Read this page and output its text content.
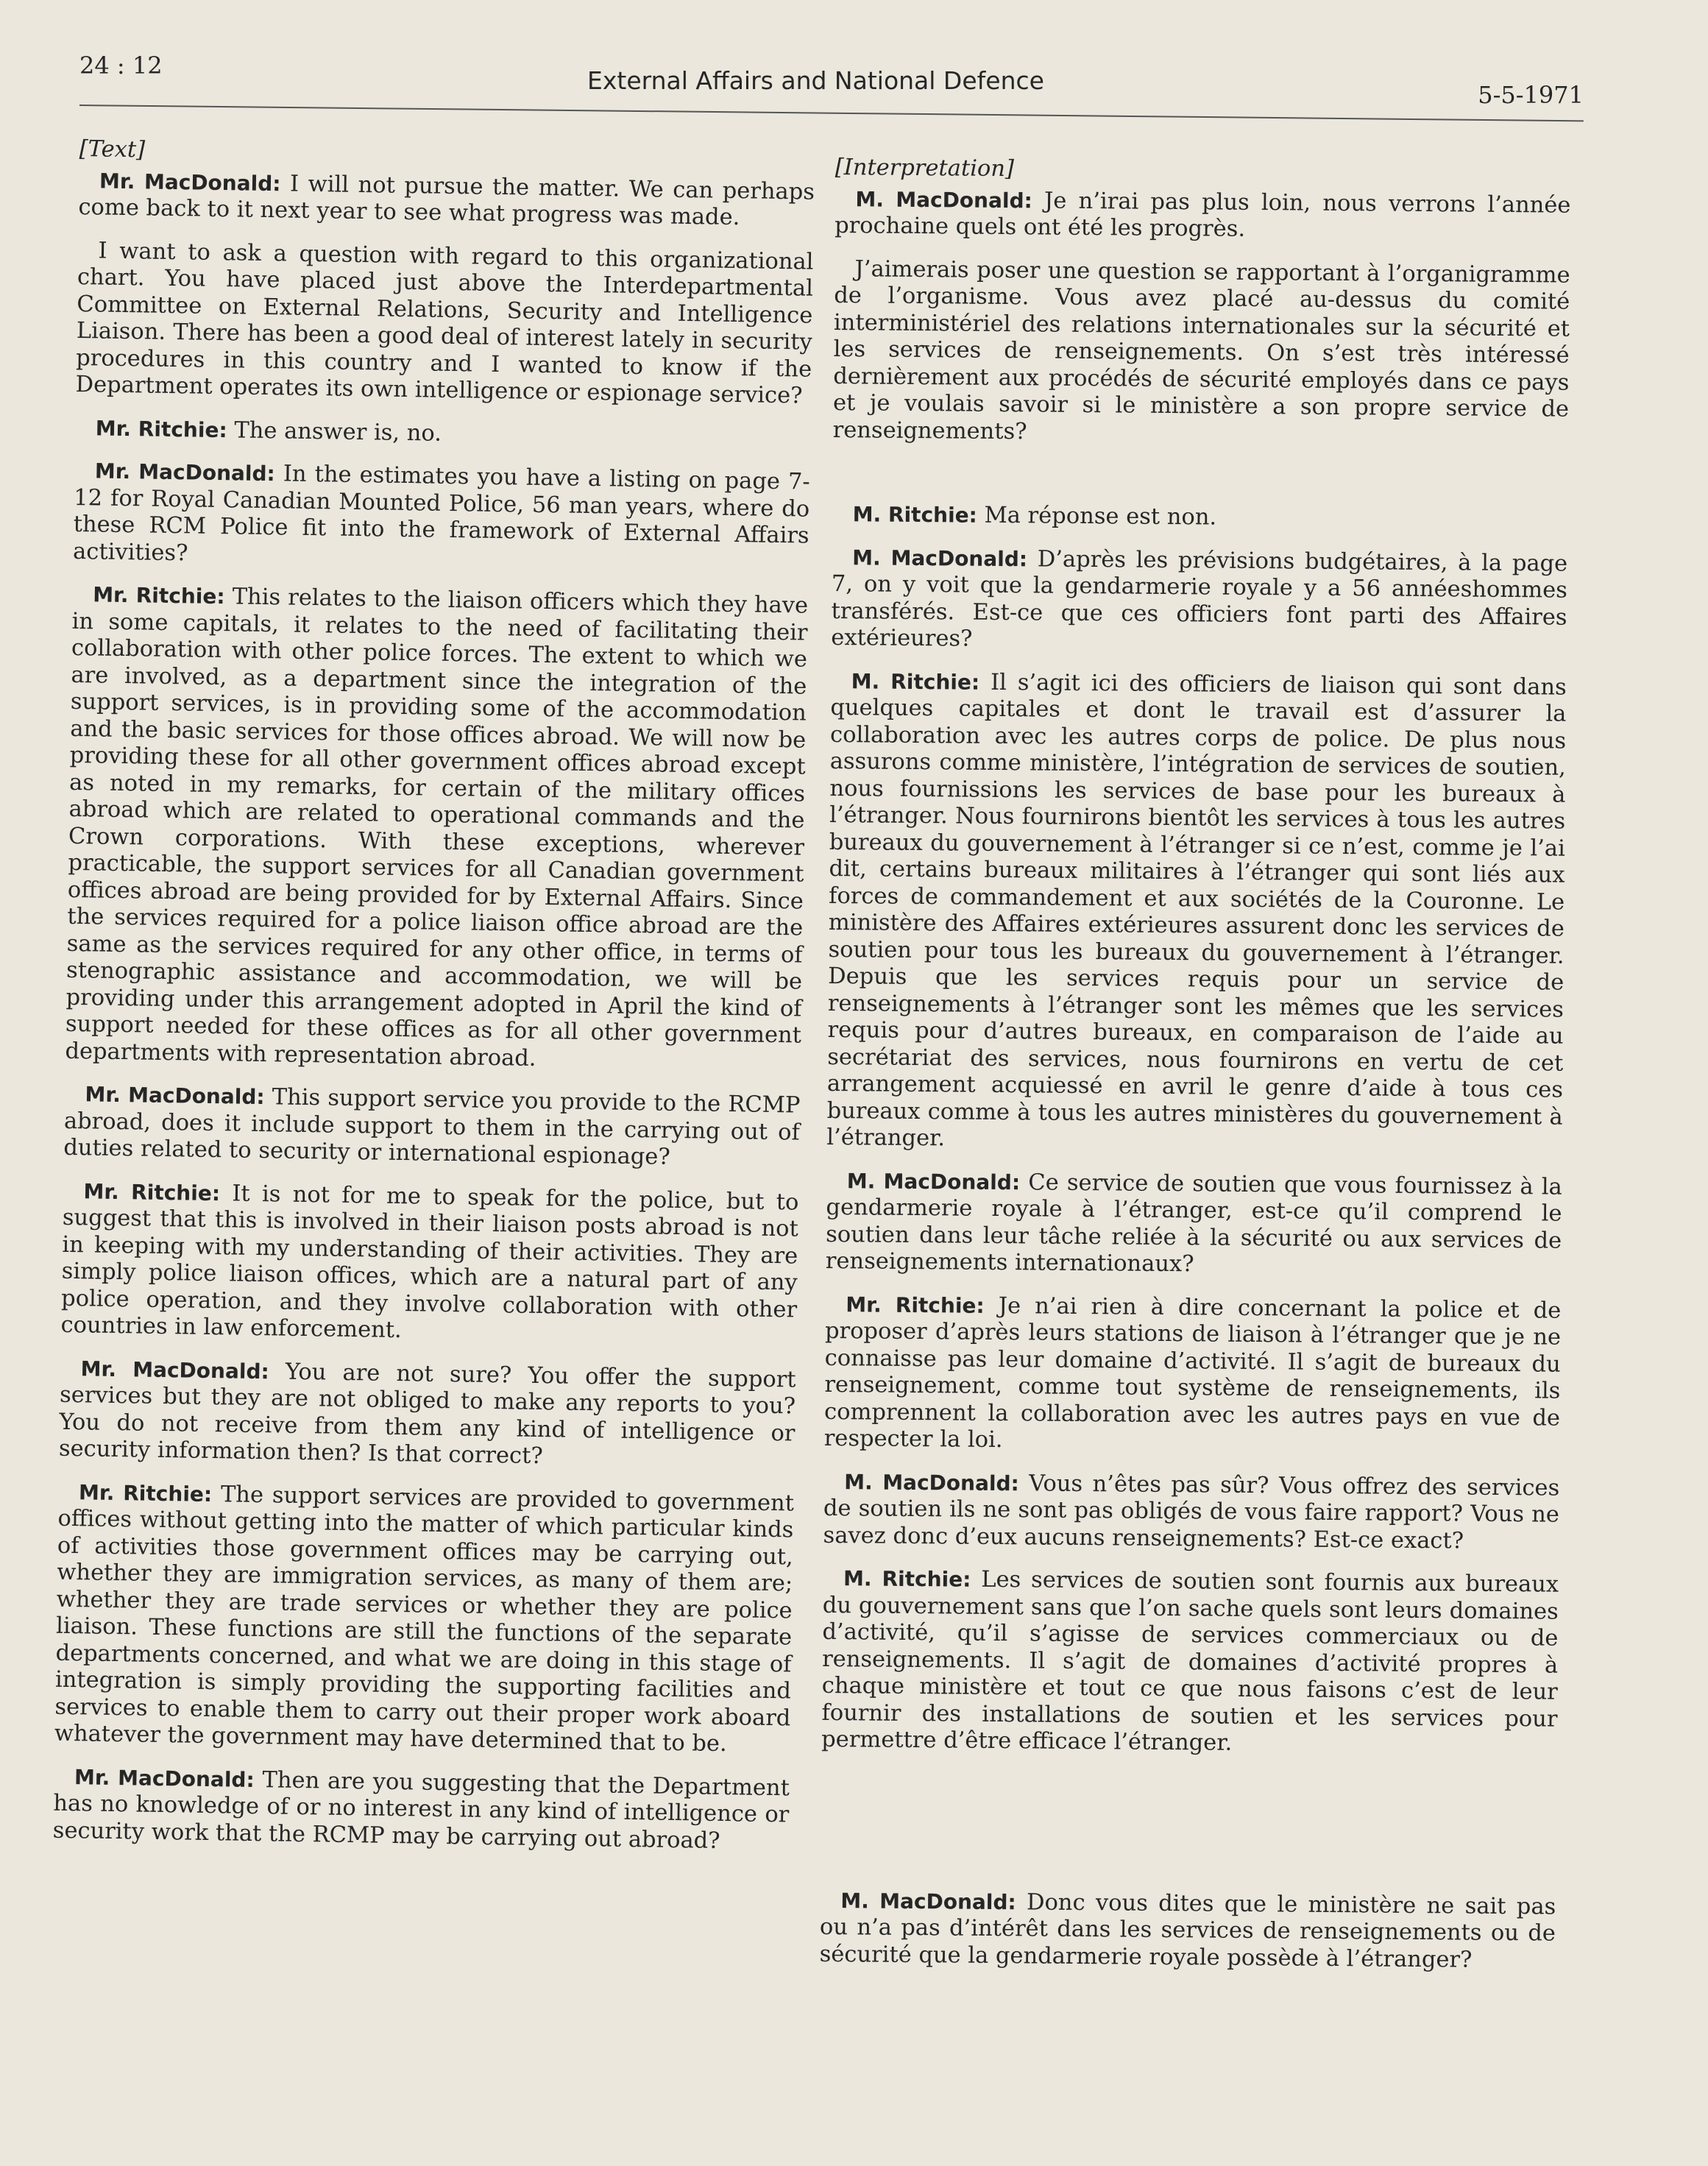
24 : 12
External Affairs and National Defence	5-5-1971
[Text]

Mr. MacDonald: I will not pursue the matter. We can perhaps come back to it next year to see what progress was made.

I want to ask a question with regard to this organizational chart. You have placed just above the Interdepartmental Committee on External Relations, Security and Intelligence Liaison. There has been a good deal of interest lately in security procedures in this country and I wanted to know if the Department operates its own intelligence or espionage service?

Mr. Ritchie: The answer is, no.

Mr. MacDonald: In the estimates you have a listing on page 7-12 for Royal Canadian Mounted Police, 56 man years, where do these RCM Police fit into the framework of External Affairs activities?

Mr. Ritchie: This relates to the liaison officers which they have in some capitals, it relates to the need of facilitating their collaboration with other police forces. The extent to which we are involved, as a department since the integration of the support services, is in providing some of the accommodation and the basic services for those offices abroad. We will now be providing these for all other government offices abroad except as noted in my remarks, for certain of the military offices abroad which are related to operational commands and the Crown corporations. With these exceptions, wherever practicable, the support services for all Canadian government offices abroad are being provided for by External Affairs. Since the services required for a police liaison office abroad are the same as the services required for any other office, in terms of stenographic assistance and accommodation, we will be providing under this arrangement adopted in April the kind of support needed for these offices as for all other government departments with representation abroad.

Mr. MacDonald: This support service you provide to the RCMP abroad, does it include support to them in the carrying out of duties related to security or international espionage?

Mr. Ritchie: It is not for me to speak for the police, but to suggest that this is involved in their liaison posts abroad is not in keeping with my understanding of their activities. They are simply police liaison offices, which are a natural part of any police operation, and they involve collaboration with other countries in law enforcement.

Mr. MacDonald: You are not sure? You offer the support services but they are not obliged to make any reports to you?You do not receive from them any kind of intelligence or security information then? Is that correct?

Mr. Ritchie: The support services are provided to government offices without getting into the matter of which particular kinds of activities those government offices may be carrying out, whether they are immigration services, as many of them are; whether they are trade services or whether they are police liaison. These functions are still the functions of the separate departments concerned, and what we are doing in this stage of integration is simply providing the supporting facilities and services to enable them to carry out their proper work aboard whatever the government may have determined that to be.

Mr. MacDonald: Then are you suggesting that the Department has no knowledge of or no interest in any kind of intelligence or security work that the RCMP may be carrying out abroad?

[Interpretation]

M. MacDonald: Je n’irai pas plus loin, nous verrons l’année prochaine quels ont été les progrès.

J’aimerais poser une question se rapportant à l’organigramme de l’organisme. Vous avez placé au-dessus du comité interministériel des relations internationales sur la sécurité et les services de renseignements. On s’est très intéressé dernièrement aux procédés de sécurité employés dans ce pays et je voulais savoir si le ministère a son propre service de renseignements?

M. Ritchie: Ma réponse est non.

M. MacDonald: D’après les prévisions budgétaires, à la page 7, on y voit que la gendarmerie royale y a 56 annéeshommes transférés. Est-ce que ces officiers font parti des Affaires extérieures?

M. Ritchie: Il s’agit ici des officiers de liaison qui sont dans quelques capitales et dont le travail est d’assurer la collaboration avec les autres corps de police. De plus nous assurons comme ministère, l’intégration de services de soutien, nous fournissions les services de base pour les bureaux à l’étranger. Nous fournirons bientôt les services à tous les autres bureaux du gouvernement à l’étranger si ce n’est, comme je l’ai dit, certains bureaux militaires à l’étranger qui sont liés aux forces de commandement et aux sociétés de la Couronne. Le ministère des Affaires extérieures assurent donc les services de soutien pour tous les bureaux du gouvernement à l’étranger. Depuis que les services requis pour un service de renseignements à l’étranger sont les mêmes que les services requis pour d’autres bureaux, en comparaison de l’aide au secrétariat des services, nous fournirons en vertu de cet arrangement acquiessé en avril le genre d’aide à tous ces bureaux comme à tous les autres ministères du gouvernement à l’étranger.

M. MacDonald: Ce service de soutien que vous fournissez à la gendarmerie royale à l’étranger, est-ce qu’il comprend le soutien dans leur tâche reliée à la sécurité ou aux services de renseignements internationaux?

Mr. Ritchie: Je n’ai rien à dire concernant la police et de proposer d’après leurs stations de liaison à l’étranger que je ne connaisse pas leur domaine d’activité. Il s’agit de bureaux du renseignement, comme tout système de renseignements, ils comprennent la collaboration avec les autres pays en vue de respecter la loi.

M. MacDonald: Vous n’êtes pas sûr? Vous offrez des services de soutien ils ne sont pas obligés de vous faire rapport? Vous ne savez donc d’eux aucuns renseignements? Est-ce exact?

M. Ritchie: Les services de soutien sont fournis aux bureaux du gouvernement sans que l’on sache quels sont leurs domaines d’activité, qu’il s’agisse de services commerciaux ou de renseignements. Il s’agit de domaines d’activité propres à chaque ministère et tout ce que nous faisons c’est de leur fournir des installations de soutien et les services pour permettre d’être efficace l’étranger.

M. MacDonald: Donc vous dites que le ministère ne sait pas ou n’a pas d’intérêt dans les services de renseignements ou de sécurité que la gendarmerie royale possède à l’étranger?
